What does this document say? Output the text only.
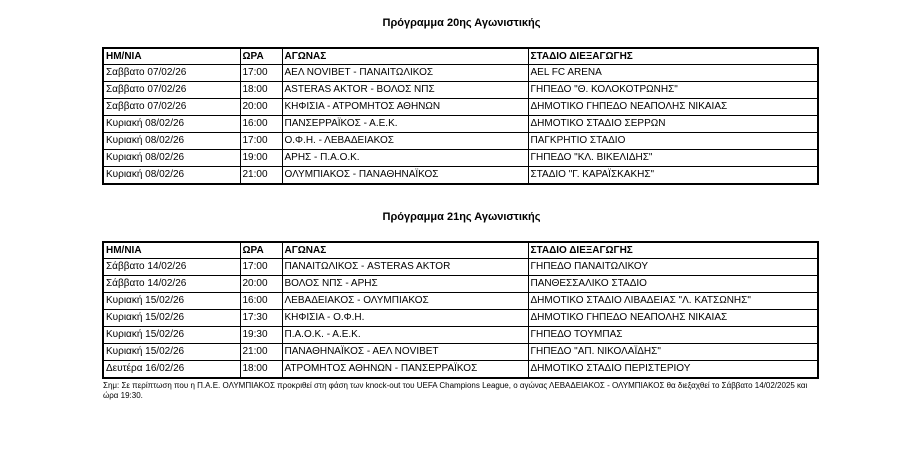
Πρόγραμμα 20ης Αγωνιστικής
ΗΜ/ΝΙΑ	ΩΡΑ	ΑΓΩΝΑΣ	ΣΤΑΔΙΟ ΔΙΕΞΑΓΩΓΗΣ
Σαββατο 07/02/26	17:00	ΑΕΛ NOVIBET - ΠΑΝΑΙΤΩΛΙΚΟΣ	AEL FC ARENA
Σαββατο 07/02/26	18:00	ASTERAS AKTOR - ΒΟΛΟΣ ΝΠΣ	ΓΗΠΕΔΟ "Θ. ΚΟΛΟΚΟΤΡΩΝΗΣ"
Σαββατο 07/02/26	20:00	ΚΗΦΙΣΙΑ - ΑΤΡΟΜΗΤΟΣ ΑΘΗΝΩΝ	ΔΗΜΟΤΙΚΟ ΓΗΠΕΔΟ ΝΕΑΠΟΛΗΣ ΝΙΚΑΙΑΣ
Κυριακή 08/02/26	16:00	ΠΑΝΣΕΡΡΑΪΚΟΣ - Α.Ε.Κ.	ΔΗΜΟΤΙΚΟ ΣΤΑΔΙΟ ΣΕΡΡΩΝ
Κυριακή 08/02/26	17:00	Ο.Φ.Η. - ΛΕΒΑΔΕΙΑΚΟΣ	ΠΑΓΚΡΗΤΙΟ ΣΤΑΔΙΟ
Κυριακή 08/02/26	19:00	ΑΡΗΣ - Π.Α.Ο.Κ.	ΓΗΠΕΔΟ "ΚΛ. ΒΙΚΕΛΙΔΗΣ"
Κυριακή 08/02/26	21:00	ΟΛΥΜΠΙΑΚΟΣ - ΠΑΝΑΘΗΝΑΪΚΟΣ	ΣΤΑΔΙΟ "Γ. ΚΑΡΑΪΣΚΑΚΗΣ"
Πρόγραμμα 21ης Αγωνιστικής
ΗΜ/ΝΙΑ	ΩΡΑ	ΑΓΩΝΑΣ	ΣΤΑΔΙΟ ΔΙΕΞΑΓΩΓΗΣ
Σάββατο 14/02/26	17:00	ΠΑΝΑΙΤΩΛΙΚΟΣ - ASTERAS AKTOR	ΓΗΠΕΔΟ ΠΑΝΑΙΤΩΛΙΚΟΥ
Σάββατο 14/02/26	20:00	ΒΟΛΟΣ ΝΠΣ - ΑΡΗΣ	ΠΑΝΘΕΣΣΑΛΙΚΟ ΣΤΑΔΙΟ
Κυριακή 15/02/26	16:00	ΛΕΒΑΔΕΙΑΚΟΣ - ΟΛΥΜΠΙΑΚΟΣ	ΔΗΜΟΤΙΚΟ ΣΤΑΔΙΟ ΛΙΒΑΔΕΙΑΣ "Λ. ΚΑΤΣΩΝΗΣ"
Κυριακή 15/02/26	17:30	ΚΗΦΙΣΙΑ - Ο.Φ.Η.	ΔΗΜΟΤΙΚΟ ΓΗΠΕΔΟ ΝΕΑΠΟΛΗΣ ΝΙΚΑΙΑΣ
Κυριακή 15/02/26	19:30	Π.Α.Ο.Κ. - Α.Ε.Κ.	ΓΗΠΕΔΟ ΤΟΥΜΠΑΣ
Κυριακή 15/02/26	21:00	ΠΑΝΑΘΗΝΑΪΚΟΣ - ΑΕΛ NOVIBET	ΓΗΠΕΔΟ "ΑΠ. ΝΙΚΟΛΑΪΔΗΣ"
Δευτέρα 16/02/26	18:00	ΑΤΡΟΜΗΤΟΣ ΑΘΗΝΩΝ - ΠΑΝΣΕΡΡΑΪΚΟΣ	ΔΗΜΟΤΙΚΟ ΣΤΑΔΙΟ ΠΕΡΙΣΤΕΡΙΟΥ
Σημ: Σε περίπτωση που η Π.Α.Ε. ΟΛΥΜΠΙΑΚΟΣ προκριθεί στη φάση των knock-out του UEFA Champions League, ο αγώνας ΛΕΒΑΔΕΙΑΚΟΣ - ΟΛΥΜΠΙΑΚΟΣ θα διεξαχθεί το Σάββατο 14/02/2025 και ώρα 19:30.
